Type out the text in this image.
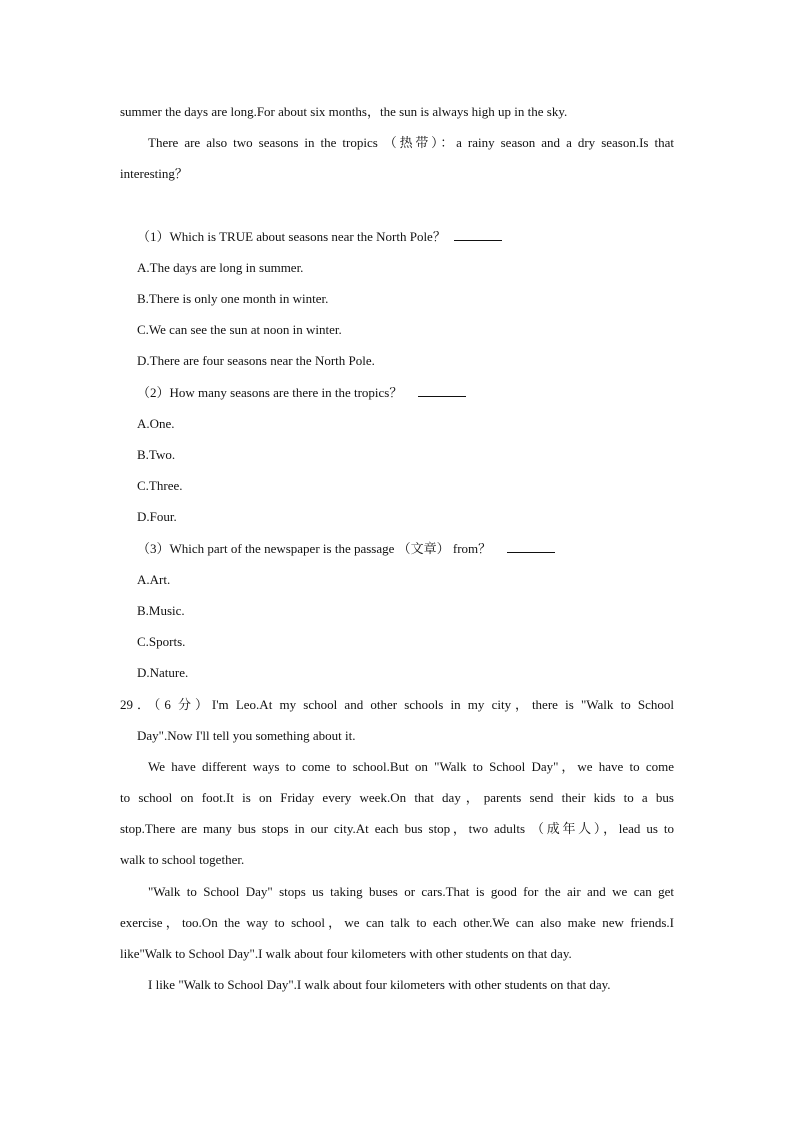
summer the days are long.For about six months，the sun is always high up in the sky.
There are also two seasons in the tropics （热带）：a rainy season and a dry season.Is that
interesting？
（1）Which is TRUE about seasons near the North Pole？
A.The days are long in summer.
B.There is only one month in winter.
C.We can see the sun at noon in winter.
D.There are four seasons near the North Pole.
（2）How many seasons are there in the tropics？
A.One.
B.Two.
C.Three.
D.Four.
（3）Which part of the newspaper is the passage （文章） from？
A.Art.
B.Music.
C.Sports.
D.Nature.
29．（6 分）I'm Leo.At my school and other schools in my city，there is "Walk to School
Day".Now I'll tell you something about it.
We have different ways to come to school.But on "Walk to School Day"，we have to come
to school on foot.It is on Friday every week.On that day，parents send their kids to a bus
stop.There are many bus stops in our city.At each bus stop，two adults （成年人），lead us to
walk to school together.
"Walk to School Day" stops us taking buses or cars.That is good for the air and we can get
exercise，too.On the way to school，we can talk to each other.We can also make new friends.I
like"Walk to School Day".I walk about four kilometers with other students on that day.
I like "Walk to School Day".I walk about four kilometers with other students on that day.
